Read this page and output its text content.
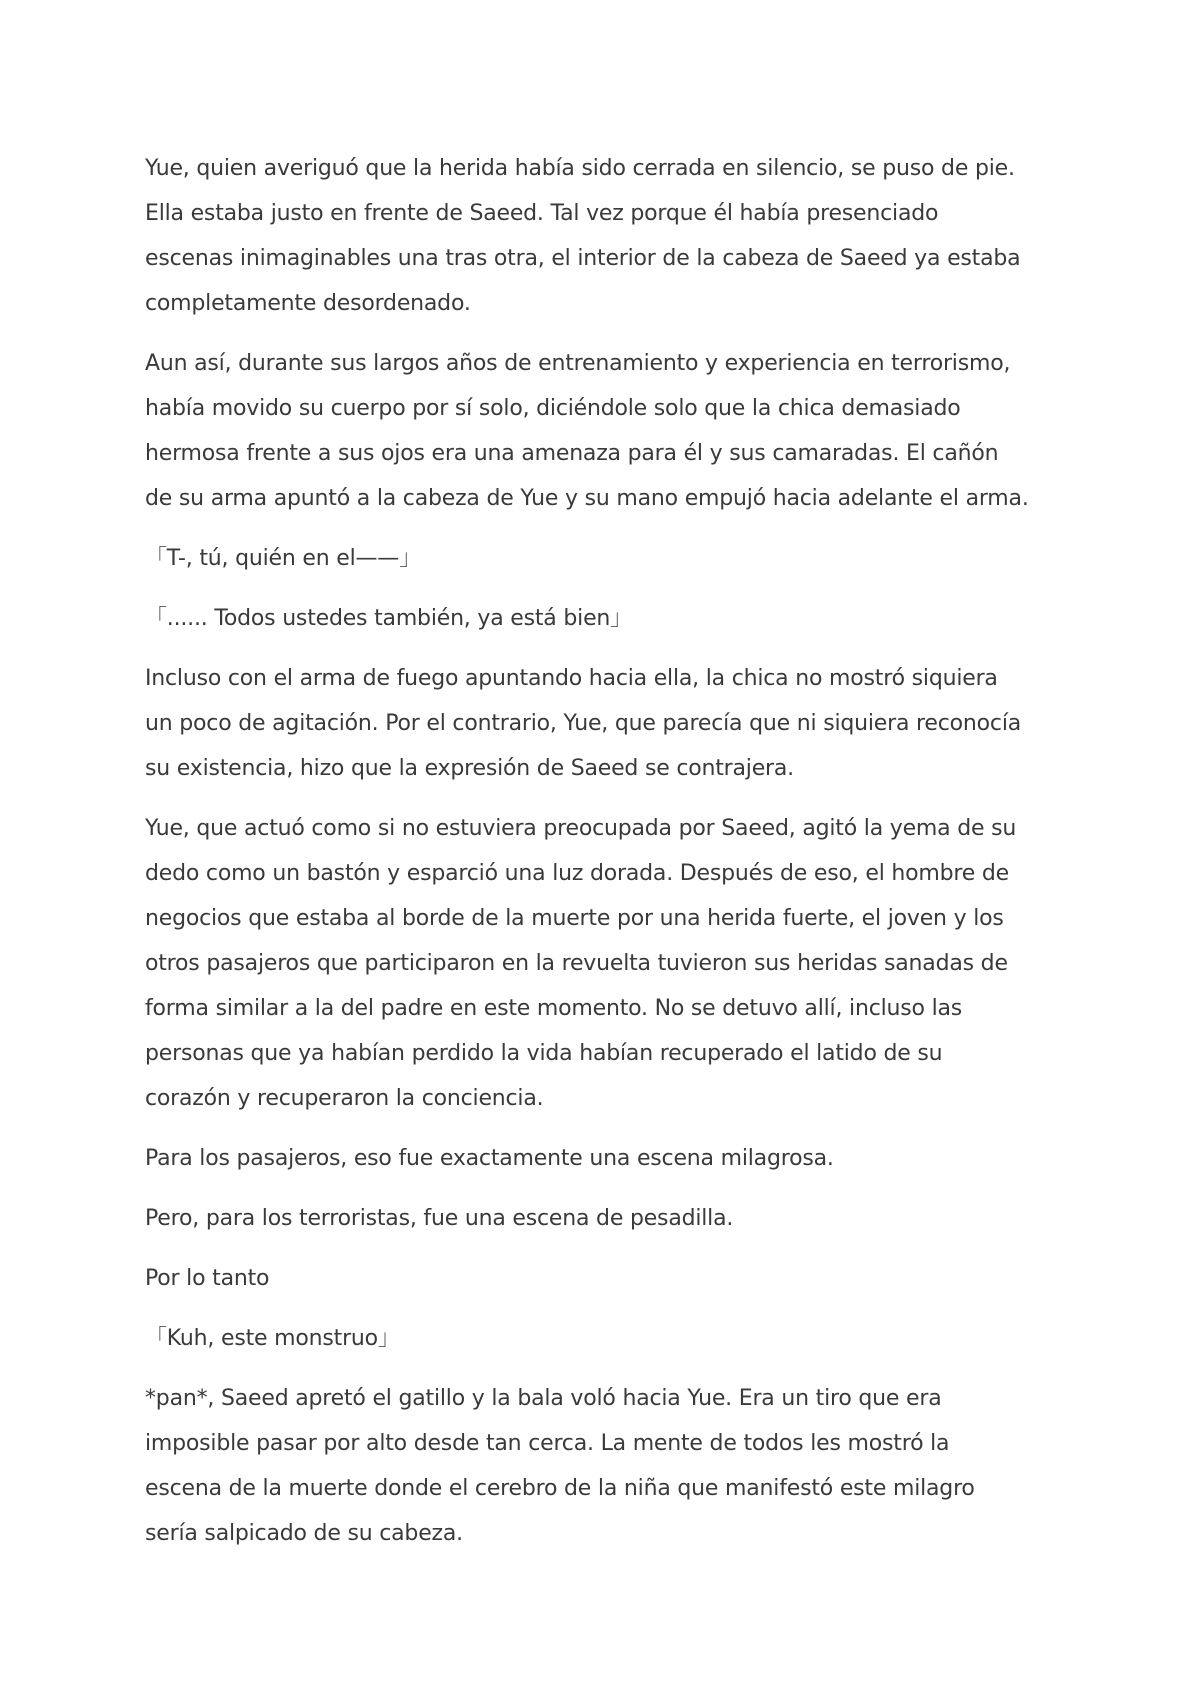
Yue, quien averiguó que la herida había sido cerrada en silencio, se puso de pie. Ella estaba justo en frente de Saeed. Tal vez porque él había presenciado escenas inimaginables una tras otra, el interior de la cabeza de Saeed ya estaba completamente desordenado.

Aun así, durante sus largos años de entrenamiento y experiencia en terrorismo, había movido su cuerpo por sí solo, diciéndole solo que la chica demasiado hermosa frente a sus ojos era una amenaza para él y sus camaradas. El cañón de su arma apuntó a la cabeza de Yue y su mano empujó hacia adelante el arma.

「T-, tú, quién en el——」

「...... Todos ustedes también, ya está bien」

Incluso con el arma de fuego apuntando hacia ella, la chica no mostró siquiera un poco de agitación. Por el contrario, Yue, que parecía que ni siquiera reconocía su existencia, hizo que la expresión de Saeed se contrajera.

Yue, que actuó como si no estuviera preocupada por Saeed, agitó la yema de su dedo como un bastón y esparció una luz dorada. Después de eso, el hombre de negocios que estaba al borde de la muerte por una herida fuerte, el joven y los otros pasajeros que participaron en la revuelta tuvieron sus heridas sanadas de forma similar a la del padre en este momento. No se detuvo allí, incluso las personas que ya habían perdido la vida habían recuperado el latido de su corazón y recuperaron la conciencia.

Para los pasajeros, eso fue exactamente una escena milagrosa.

Pero, para los terroristas, fue una escena de pesadilla.

Por lo tanto

「Kuh, este monstruo」

*pan*, Saeed apretó el gatillo y la bala voló hacia Yue. Era un tiro que era imposible pasar por alto desde tan cerca. La mente de todos les mostró la escena de la muerte donde el cerebro de la niña que manifestó este milagro sería salpicado de su cabeza.
